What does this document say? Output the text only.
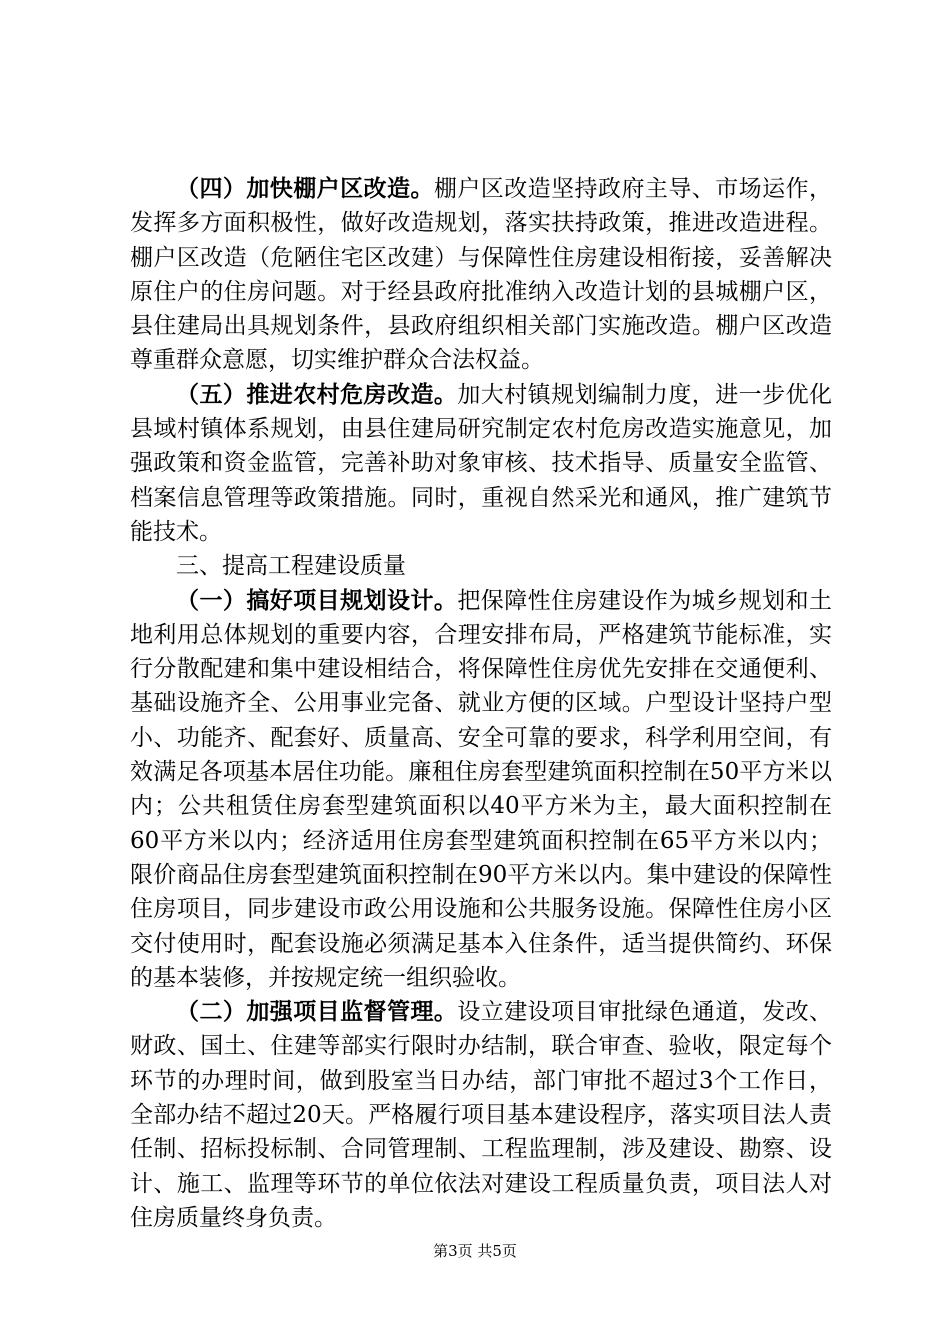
（四）加快棚户区改造。棚户区改造坚持政府主导、市场运作，发挥多方面积极性，做好改造规划，落实扶持政策，推进改造进程。棚户区改造（危陋住宅区改建）与保障性住房建设相衔接，妥善解决原住户的住房问题。对于经县政府批准纳入改造计划的县城棚户区，县住建局出具规划条件，县政府组织相关部门实施改造。棚户区改造尊重群众意愿，切实维护群众合法权益。

（五）推进农村危房改造。加大村镇规划编制力度，进一步优化县域村镇体系规划，由县住建局研究制定农村危房改造实施意见，加强政策和资金监管，完善补助对象审核、技术指导、质量安全监管、档案信息管理等政策措施。同时，重视自然采光和通风，推广建筑节能技术。

三、提高工程建设质量

（一）搞好项目规划设计。把保障性住房建设作为城乡规划和土地利用总体规划的重要内容，合理安排布局，严格建筑节能标准，实行分散配建和集中建设相结合，将保障性住房优先安排在交通便利、基础设施齐全、公用事业完备、就业方便的区域。户型设计坚持户型小、功能齐、配套好、质量高、安全可靠的要求，科学利用空间，有效满足各项基本居住功能。廉租住房套型建筑面积控制在50平方米以内；公共租赁住房套型建筑面积以40平方米为主，最大面积控制在60平方米以内；经济适用住房套型建筑面积控制在65平方米以内；限价商品住房套型建筑面积控制在90平方米以内。集中建设的保障性住房项目，同步建设市政公用设施和公共服务设施。保障性住房小区交付使用时，配套设施必须满足基本入住条件，适当提供简约、环保的基本装修，并按规定统一组织验收。

（二）加强项目监督管理。设立建设项目审批绿色通道，发改、财政、国土、住建等部实行限时办结制，联合审查、验收，限定每个环节的办理时间，做到股室当日办结，部门审批不超过3个工作日，全部办结不超过20天。严格履行项目基本建设程序，落实项目法人责任制、招标投标制、合同管理制、工程监理制，涉及建设、勘察、设计、施工、监理等环节的单位依法对建设工程质量负责，项目法人对住房质量终身负责。

第3页 共5页
